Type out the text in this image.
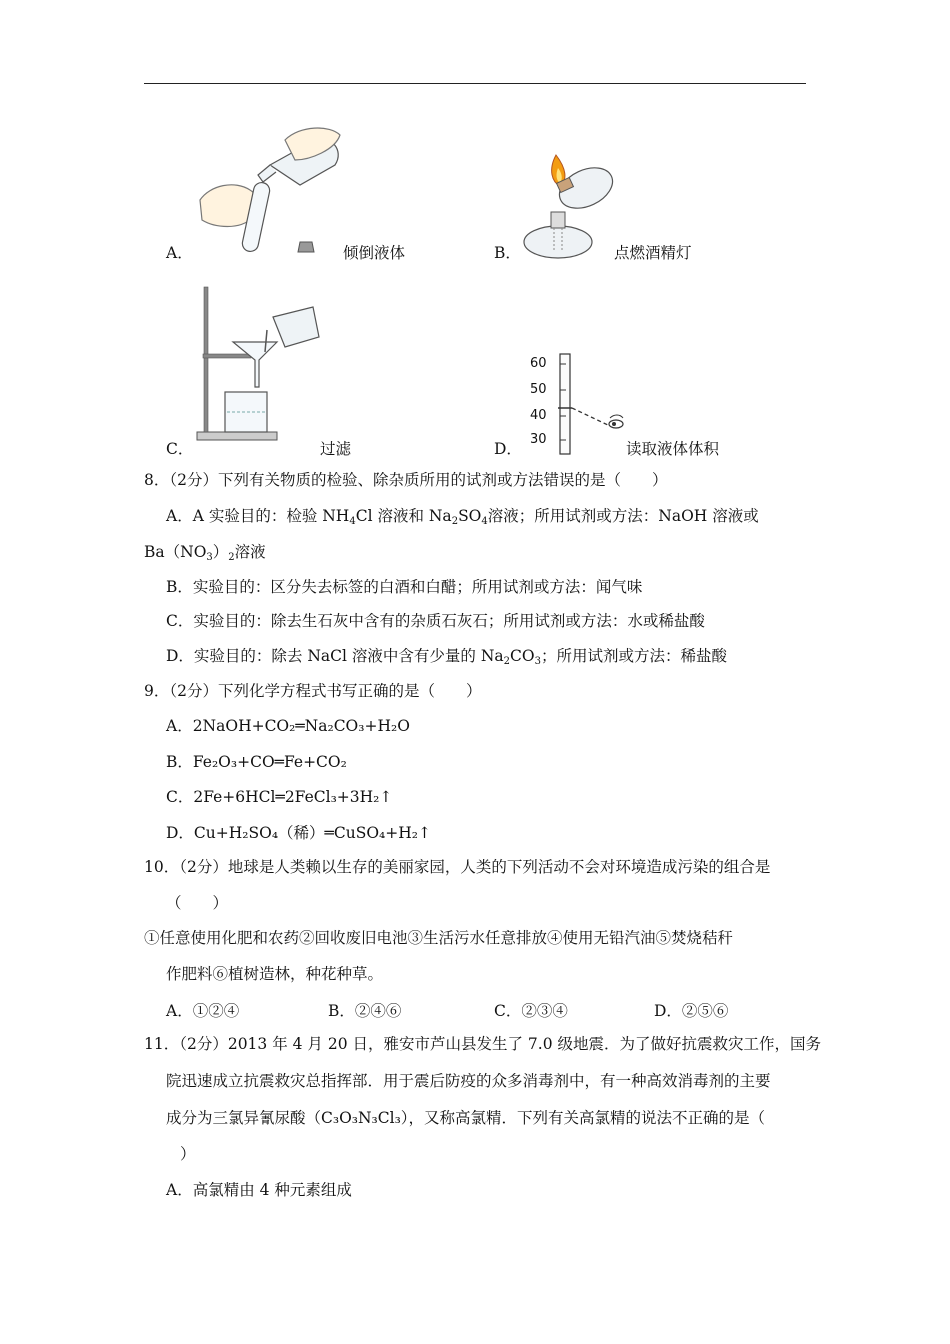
A．	倾倒液体	B．	点燃酒精灯
C．	过滤
60
50
40
30
D．	读取液体体积
8．（2分）下列有关物质的检验、除杂质所用的试剂或方法错误的是（　　）
A．A 实验目的：检验 $NH_4Cl$ 溶液和 $Na_2SO_4$溶液；所用试剂或方法：NaOH 溶液或
$Ba(NO_3)_2$溶液
B．实验目的：区分失去标签的白酒和白醋；所用试剂或方法：闻气味
C．实验目的：除去生石灰中含有的杂质石灰石；所用试剂或方法：水或稀盐酸
D．实验目的：除去 NaCl 溶液中含有少量的 $Na_2CO_3$；所用试剂或方法：稀盐酸
9．（2分）下列化学方程式书写正确的是（　　）
A．2NaOH+CO₂═Na₂CO₃+H₂O
B．Fe₂O₃+CO═Fe+CO₂
C．2Fe+6HCl═2FeCl₃+3H₂↑
D．Cu+H₂SO₄（稀）═CuSO₄+H₂↑
10．（2分）地球是人类赖以生存的美丽家园，人类的下列活动不会对环境造成污染的组合是
（　　）
①任意使用化肥和农药②回收废旧电池③生活污水任意排放④使用无铅汽油⑤焚烧秸秆
作肥料⑥植树造林，种花种草。
A．①②④	B．②④⑥	C．②③④	D．②⑤⑥
11．（2分）2013 年 4 月 20 日，雅安市芦山县发生了 7.0 级地震．为了做好抗震救灾工作，国务
院迅速成立抗震救灾总指挥部．用于震后防疫的众多消毒剂中，有一种高效消毒剂的主要
成分为三氯异氰尿酸（C₃O₃N₃Cl₃），又称高氯精．下列有关高氯精的说法不正确的是（
）
A．高氯精由 4 种元素组成
